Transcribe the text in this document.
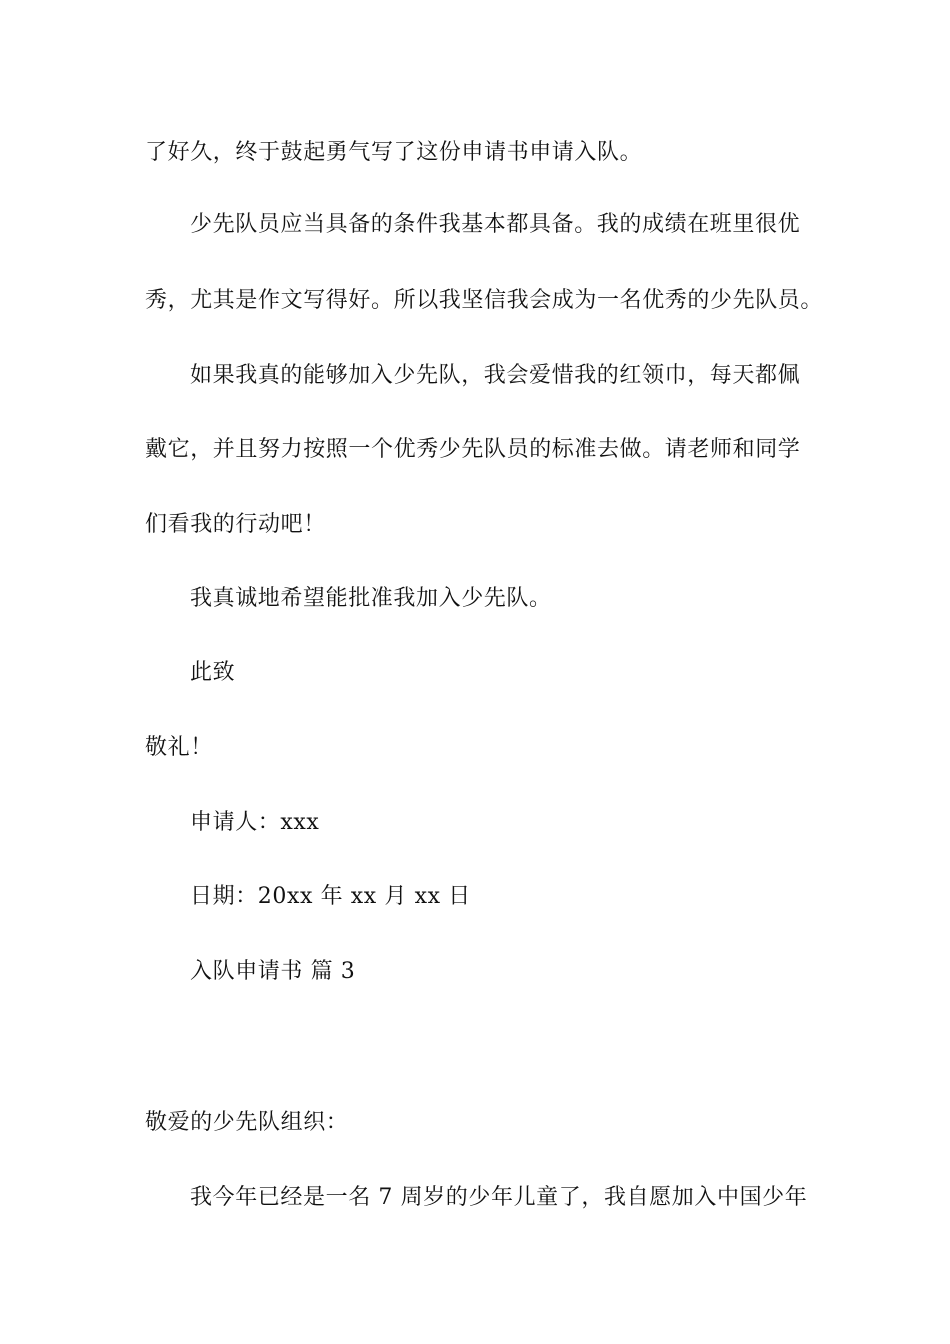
了好久，终于鼓起勇气写了这份申请书申请入队。
少先队员应当具备的条件我基本都具备。我的成绩在班里很优
秀，尤其是作文写得好。所以我坚信我会成为一名优秀的少先队员。
如果我真的能够加入少先队，我会爱惜我的红领巾，每天都佩
戴它，并且努力按照一个优秀少先队员的标准去做。请老师和同学
们看我的行动吧！
我真诚地希望能批准我加入少先队。
此致
敬礼！
申请人：xxx
日期：20xx 年 xx 月 xx 日
入队申请书 篇 3
敬爱的少先队组织：
我今年已经是一名 7 周岁的少年儿童了，我自愿加入中国少年
